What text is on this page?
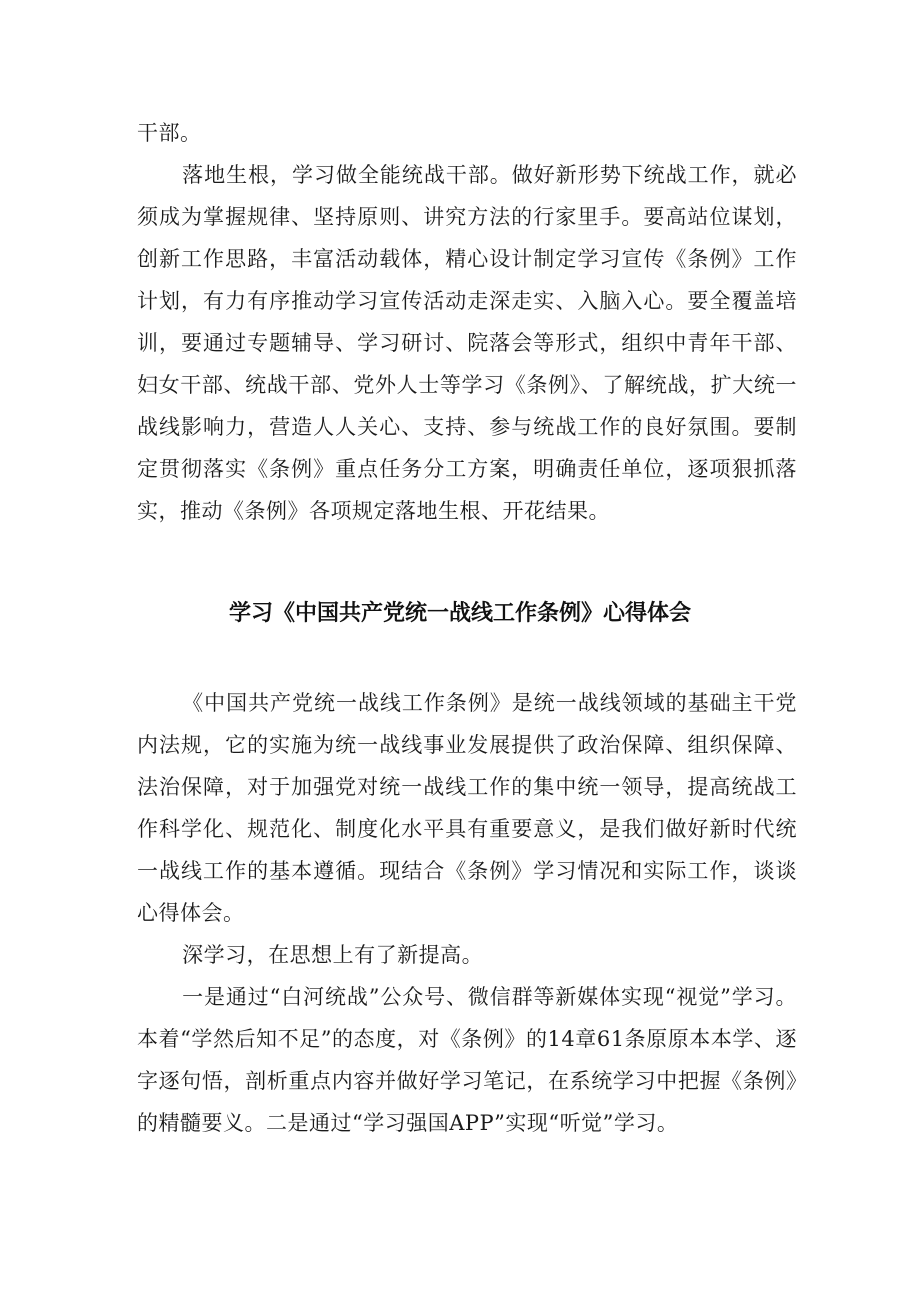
干部。

落地生根，学习做全能统战干部。做好新形势下统战工作，就必须成为掌握规律、坚持原则、讲究方法的行家里手。要高站位谋划，创新工作思路，丰富活动载体，精心设计制定学习宣传《条例》工作计划，有力有序推动学习宣传活动走深走实、入脑入心。要全覆盖培训，要通过专题辅导、学习研讨、院落会等形式，组织中青年干部、妇女干部、统战干部、党外人士等学习《条例》、了解统战，扩大统一战线影响力，营造人人关心、支持、参与统战工作的良好氛围。要制定贯彻落实《条例》重点任务分工方案，明确责任单位，逐项狠抓落实，推动《条例》各项规定落地生根、开花结果。

学习《中国共产党统一战线工作条例》心得体会

《中国共产党统一战线工作条例》是统一战线领域的基础主干党内法规，它的实施为统一战线事业发展提供了政治保障、组织保障、法治保障，对于加强党对统一战线工作的集中统一领导，提高统战工作科学化、规范化、制度化水平具有重要意义，是我们做好新时代统一战线工作的基本遵循。现结合《条例》学习情况和实际工作，谈谈心得体会。

深学习，在思想上有了新提高。

一是通过“白河统战”公众号、微信群等新媒体实现“视觉”学习。本着“学然后知不足”的态度，对《条例》的14章61条原原本本学、逐字逐句悟，剖析重点内容并做好学习笔记，在系统学习中把握《条例》的精髓要义。二是通过“学习强国APP”实现“听觉”学习。
